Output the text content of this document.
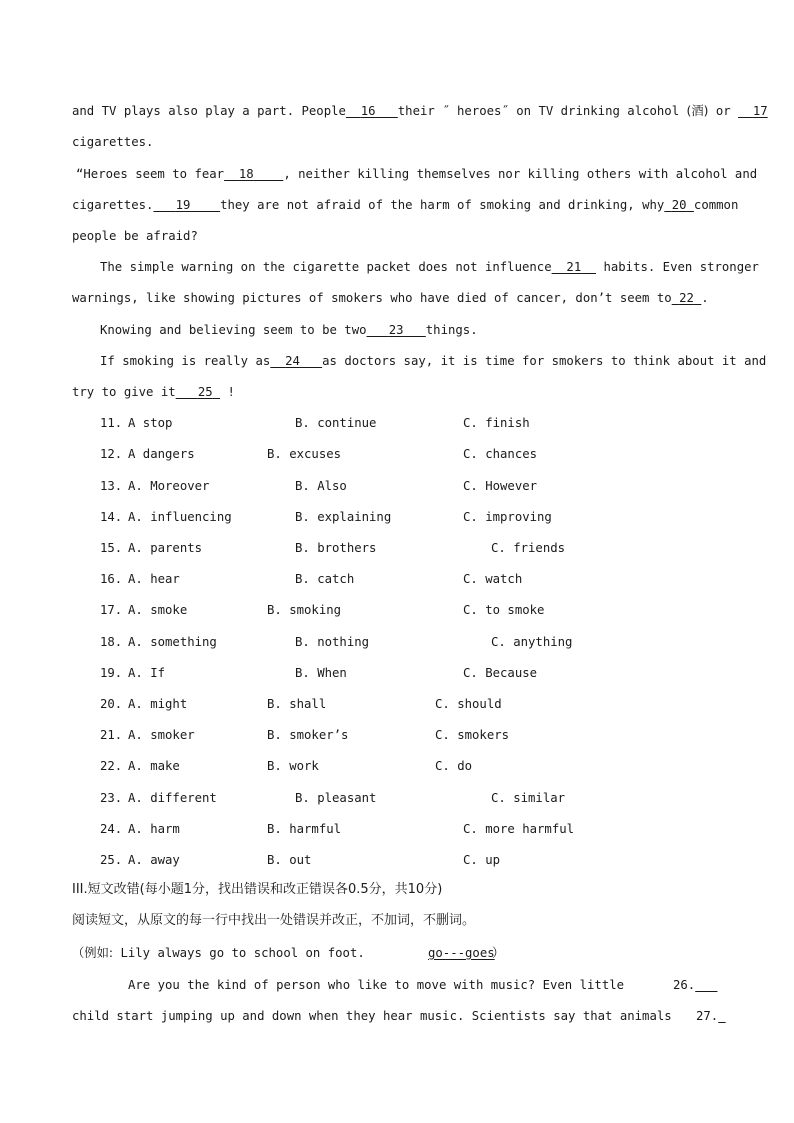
and TV plays also play a part. People 16 their ˝ heroes˝ on TV drinking alcohol (酒) or   17
cigarettes.
“Heroes seem to fear 18 , neither killing themselves nor killing others with alcohol and
cigarettes. 19 they are not afraid of the harm of smoking and drinking, why 20 common
people be afraid?
The simple warning on the cigarette packet does not influence 21   habits. Even stronger
warnings, like showing pictures of smokers who have died of cancer, don’t seem to 22 .
Knowing and believing seem to be two 23 things.
If smoking is really as 24 as doctors say, it is time for smokers to think about it and
try to give it 25  !
11. A stop	B. continue	C. finish
12. A dangers	B. excuses	C. chances
13. A. Moreover	B. Also	C. However
14. A. influencing	B. explaining	C. improving
15. A. parents	B. brothers	C. friends
16. A. hear	B. catch	C. watch
17. A. smoke	B. smoking	C. to smoke
18. A. something	B. nothing	C. anything
19. A. If	B. When	C. Because
20. A. might	B. shall	C. should
21. A. smoker	B. smoker’s	C. smokers
22. A. make	B. work	C. do
23. A. different	B. pleasant	C. similar
24. A. harm	B. harmful	C. more harmful
25. A. away	B. out	C. up
III.短文改错(每小题1分，找出错误和改正错误各0.5分，共10分)
阅读短文，从原文的每一行中找出一处错误并改正，不加词，不删词。
（例如: Lily always go to school on foot.	go---goes
）
Are you the kind of person who like to move with music? Even little	26.
child start jumping up and down when they hear music. Scientists say that animals	27.
